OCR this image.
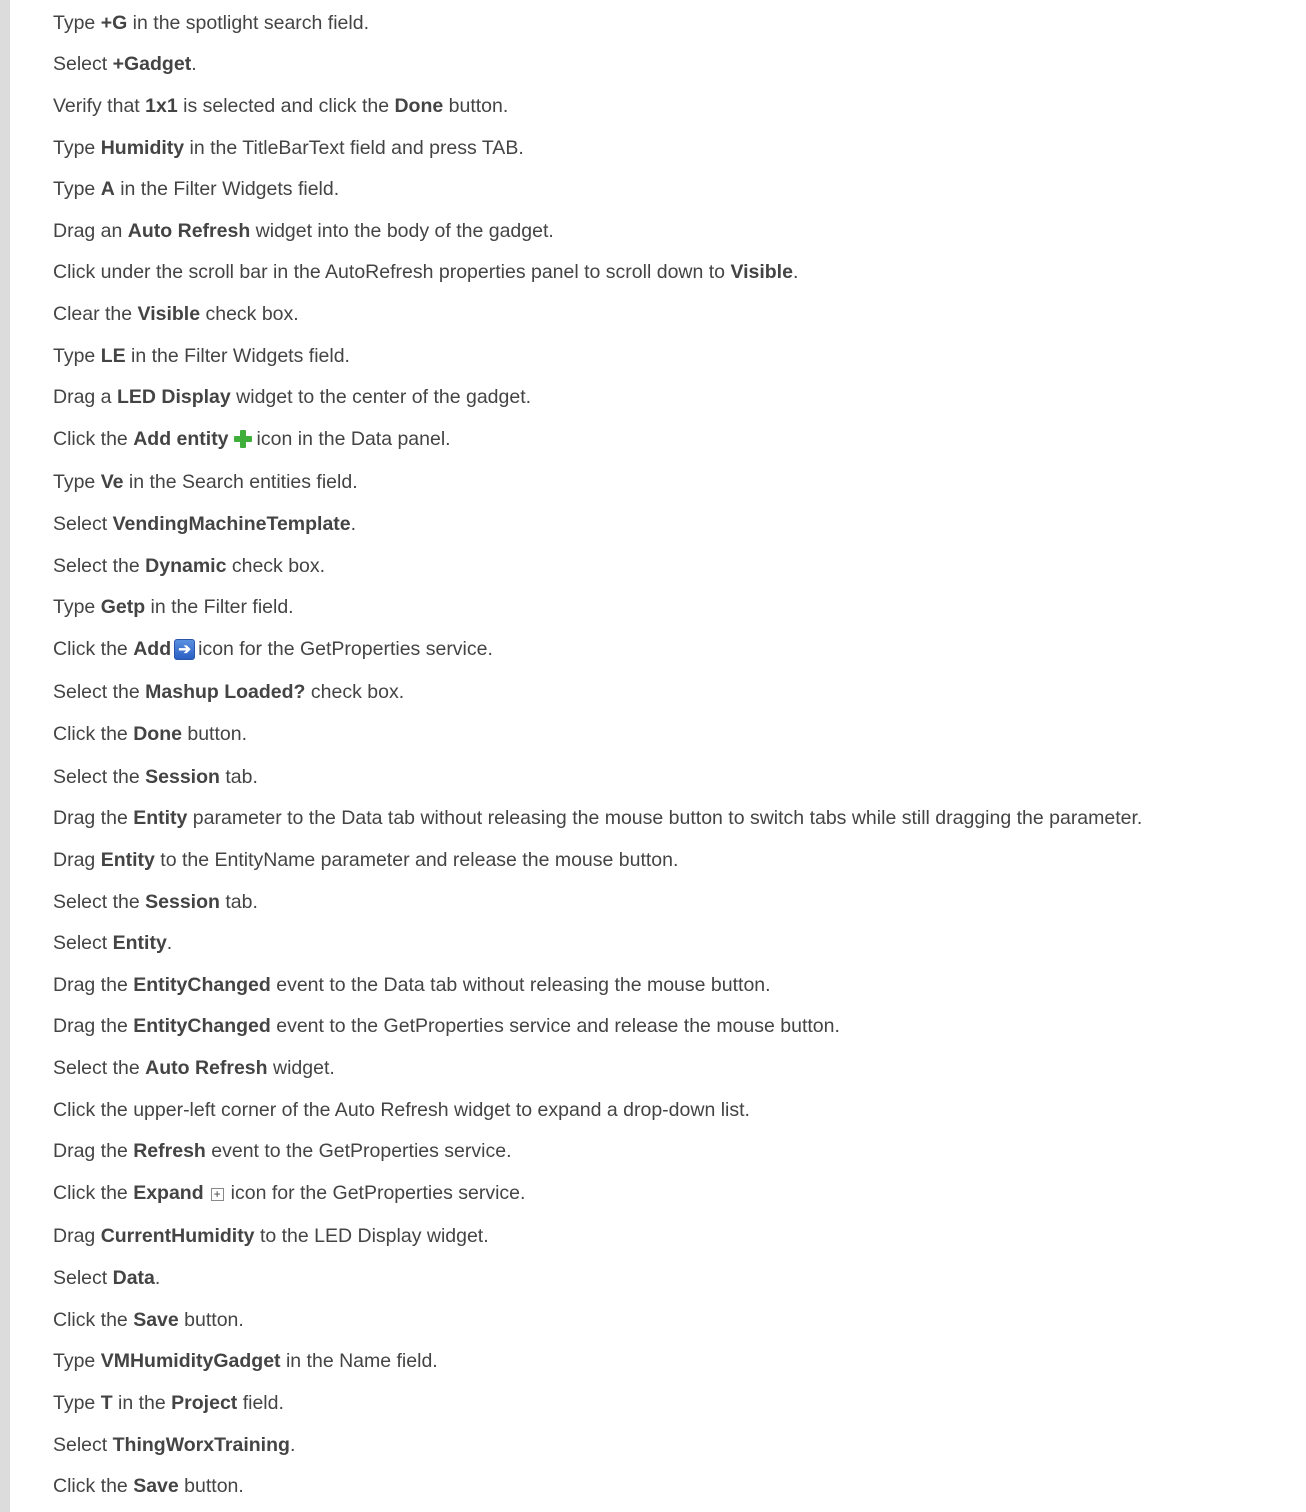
Type +G in the spotlight search field.
Select +Gadget.
Verify that 1x1 is selected and click the Done button.
Type Humidity in the TitleBarText field and press TAB.
Type A in the Filter Widgets field.
Drag an Auto Refresh widget into the body of the gadget.
Click under the scroll bar in the AutoRefresh properties panel to scroll down to Visible.
Clear the Visible check box.
Type LE in the Filter Widgets field.
Drag a LED Display widget to the center of the gadget.
Click the Add entity icon in the Data panel.
Type Ve in the Search entities field.
Select VendingMachineTemplate.
Select the Dynamic check box.
Type Getp in the Filter field.
Click the Add ➔ icon for the GetProperties service.
Select the Mashup Loaded? check box.
Click the Done button.
Select the Session tab.
Drag the Entity parameter to the Data tab without releasing the mouse button to switch tabs while still dragging the parameter.
Drag Entity to the EntityName parameter and release the mouse button.
Select the Session tab.
Select Entity.
Drag the EntityChanged event to the Data tab without releasing the mouse button.
Drag the EntityChanged event to the GetProperties service and release the mouse button.
Select the Auto Refresh widget.
Click the upper-left corner of the Auto Refresh widget to expand a drop-down list.
Drag the Refresh event to the GetProperties service.
Click the Expand + icon for the GetProperties service.
Drag CurrentHumidity to the LED Display widget.
Select Data.
Click the Save button.
Type VMHumidityGadget in the Name field.
Type T in the Project field.
Select ThingWorxTraining.
Click the Save button.
